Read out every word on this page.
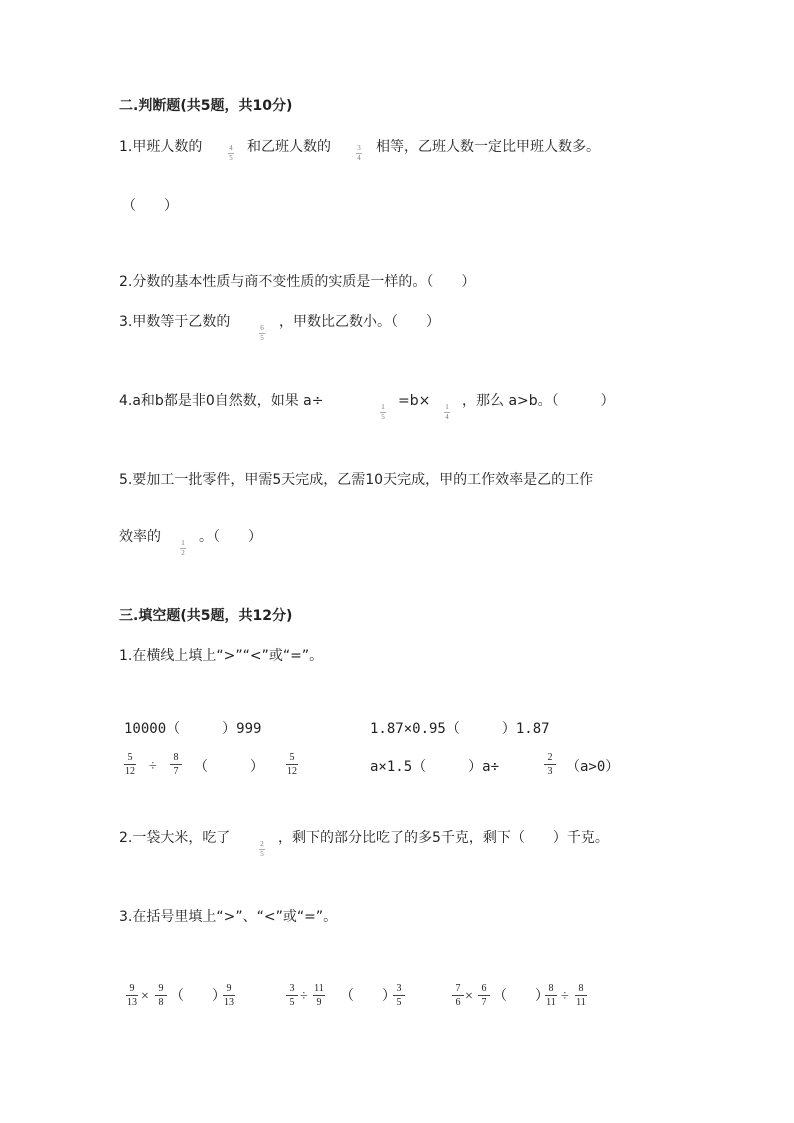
二.判断题(共5题，共10分)
1.甲班人数的	4
5
和乙班人数的	3
4
相等，乙班人数一定比甲班人数多。
（　　）
2.分数的基本性质与商不变性质的实质是一样的。（　　）
3.甲数等于乙数的	6
5
，甲数比乙数小。（　　）
4.a和b都是非0自然数，如果 a÷	1
5
=b× 1
4
，那么 a>b。（　　　）
5.要加工一批零件，甲需5天完成，乙需10天完成，甲的工作效率是乙的工作
效率的	1
2
。（　　）
三.填空题(共5题，共12分)
1.在横线上填上“>”“<”或“=”。
10000（　　　）999	1.87×0.95（　　　）1.87
5
12 ÷
8
7 （　　　）
5
12	a×1.5（　　　）a÷
2
3 （a>0）
2.一袋大米，吃了	2
5
，剩下的部分比吃了的多5千克，剩下（　　）千克。
3.在括号里填上“>”、“<”或“=”。
9
13 ×
9
8 （　　） 9
13
3
5 ÷
11
9 （　　） 3
5
7
6 ×
6
7 （　　） 8
11 ÷
8
11
